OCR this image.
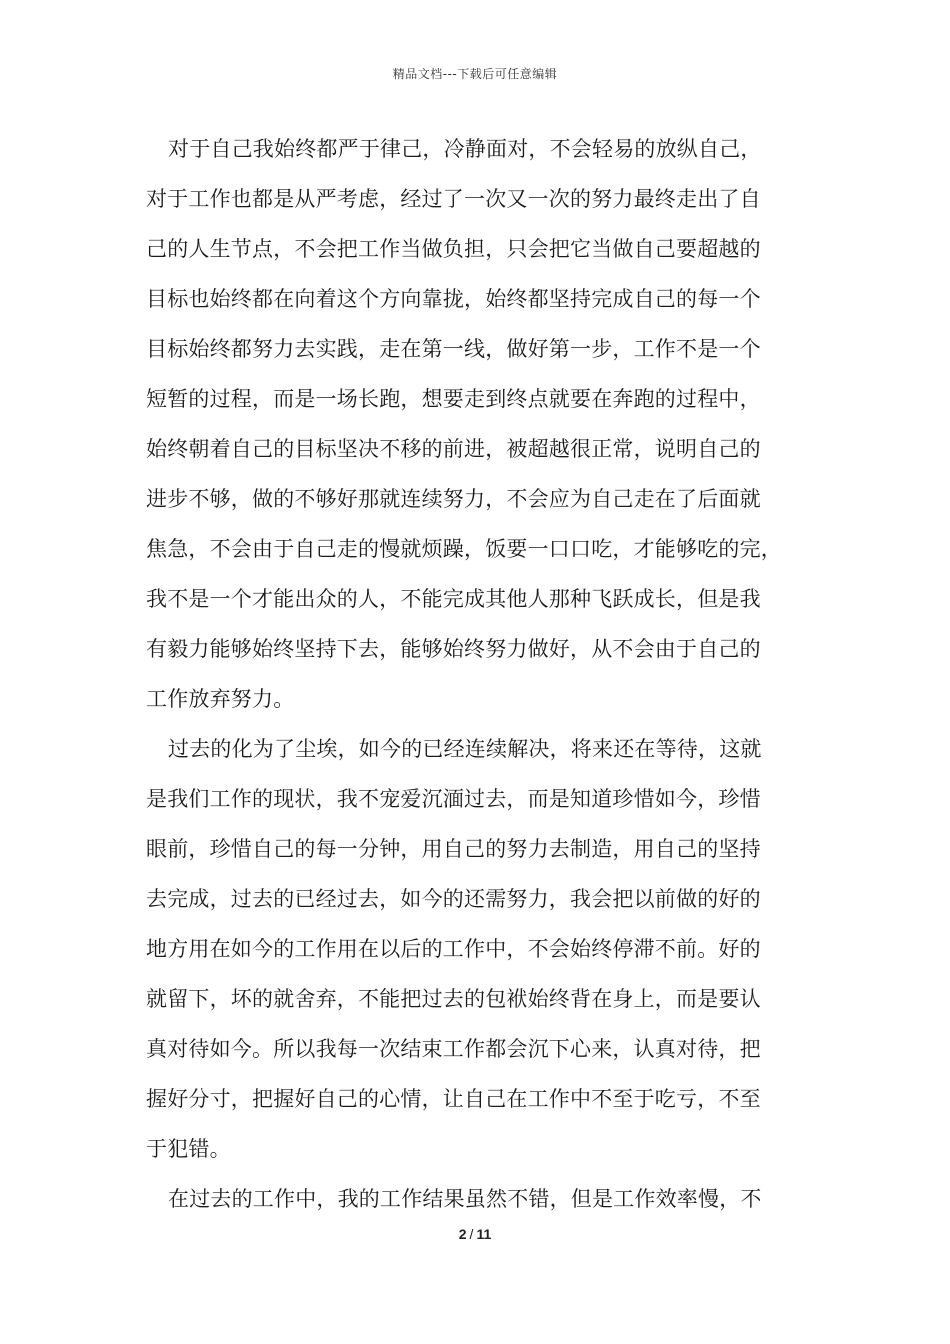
精品文档---下载后可任意编辑
对于自己我始终都严于律己，冷静面对，不会轻易的放纵自己，
对于工作也都是从严考虑，经过了一次又一次的努力最终走出了自
己的人生节点，不会把工作当做负担，只会把它当做自己要超越的
目标也始终都在向着这个方向靠拢，始终都坚持完成自己的每一个
目标始终都努力去实践，走在第一线，做好第一步，工作不是一个
短暂的过程，而是一场长跑，想要走到终点就要在奔跑的过程中，
始终朝着自己的目标坚决不移的前进，被超越很正常，说明自己的
进步不够，做的不够好那就连续努力，不会应为自己走在了后面就
焦急，不会由于自己走的慢就烦躁，饭要一口口吃，才能够吃的完，
我不是一个才能出众的人，不能完成其他人那种飞跃成长，但是我
有毅力能够始终坚持下去，能够始终努力做好，从不会由于自己的
工作放弃努力。
过去的化为了尘埃，如今的已经连续解决，将来还在等待，这就
是我们工作的现状，我不宠爱沉湎过去，而是知道珍惜如今，珍惜
眼前，珍惜自己的每一分钟，用自己的努力去制造，用自己的坚持
去完成，过去的已经过去，如今的还需努力，我会把以前做的好的
地方用在如今的工作用在以后的工作中，不会始终停滞不前。好的
就留下，坏的就舍弃，不能把过去的包袱始终背在身上，而是要认
真对待如今。所以我每一次结束工作都会沉下心来，认真对待，把
握好分寸，把握好自己的心情，让自己在工作中不至于吃亏，不至
于犯错。
在过去的工作中，我的工作结果虽然不错，但是工作效率慢，不
2 / 11
